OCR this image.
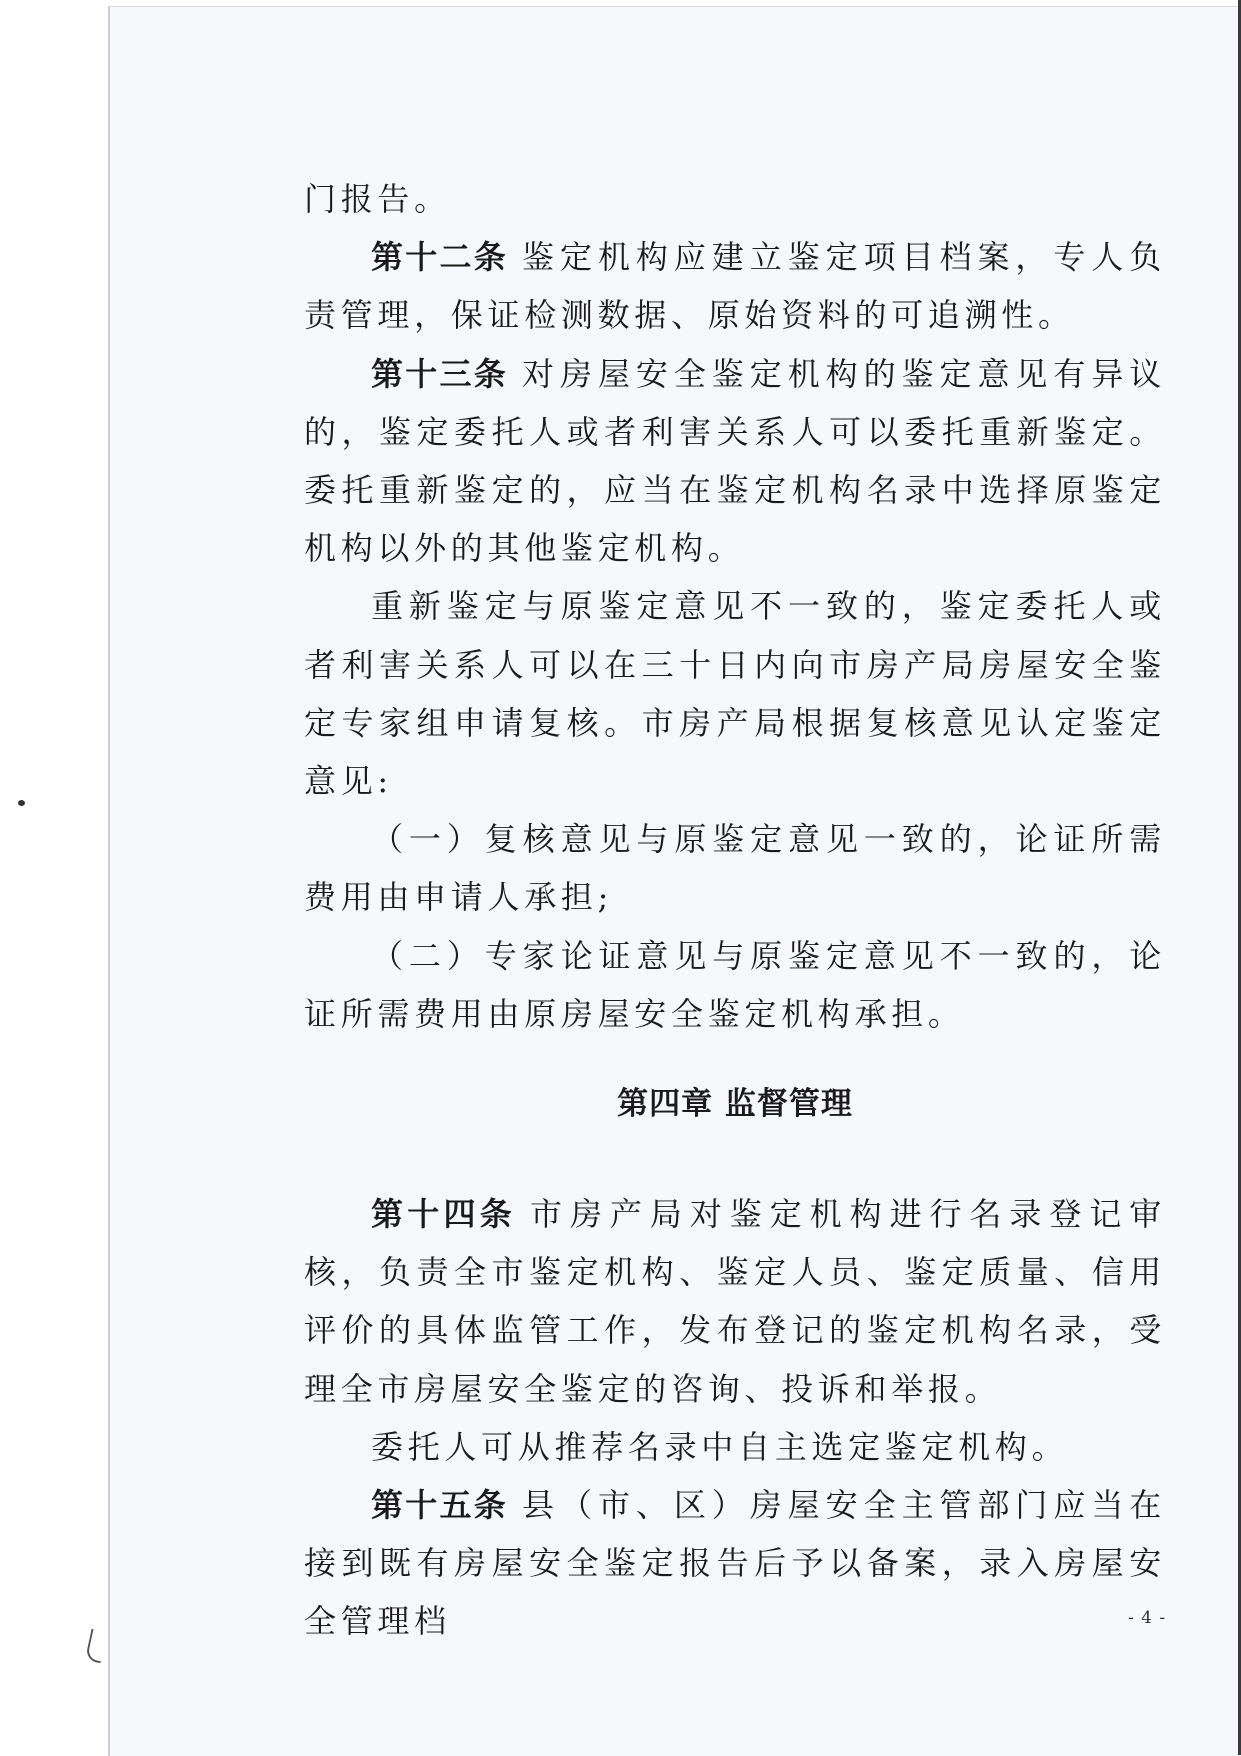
门报告。

第十二条 鉴定机构应建立鉴定项目档案，专人负责管理，保证检测数据、原始资料的可追溯性。

第十三条 对房屋安全鉴定机构的鉴定意见有异议的，鉴定委托人或者利害关系人可以委托重新鉴定。委托重新鉴定的，应当在鉴定机构名录中选择原鉴定机构以外的其他鉴定机构。

重新鉴定与原鉴定意见不一致的，鉴定委托人或者利害关系人可以在三十日内向市房产局房屋安全鉴定专家组申请复核。市房产局根据复核意见认定鉴定意见:

（一）复核意见与原鉴定意见一致的，论证所需费用由申请人承担;

（二）专家论证意见与原鉴定意见不一致的，论证所需费用由原房屋安全鉴定机构承担。

第四章 监督管理

第十四条 市房产局对鉴定机构进行名录登记审核，负责全市鉴定机构、鉴定人员、鉴定质量、信用评价的具体监管工作，发布登记的鉴定机构名录，受理全市房屋安全鉴定的咨询、投诉和举报。

委托人可从推荐名录中自主选定鉴定机构。

第十五条 县（市、区）房屋安全主管部门应当在接到既有房屋安全鉴定报告后予以备案，录入房屋安全管理档	- 4 -
